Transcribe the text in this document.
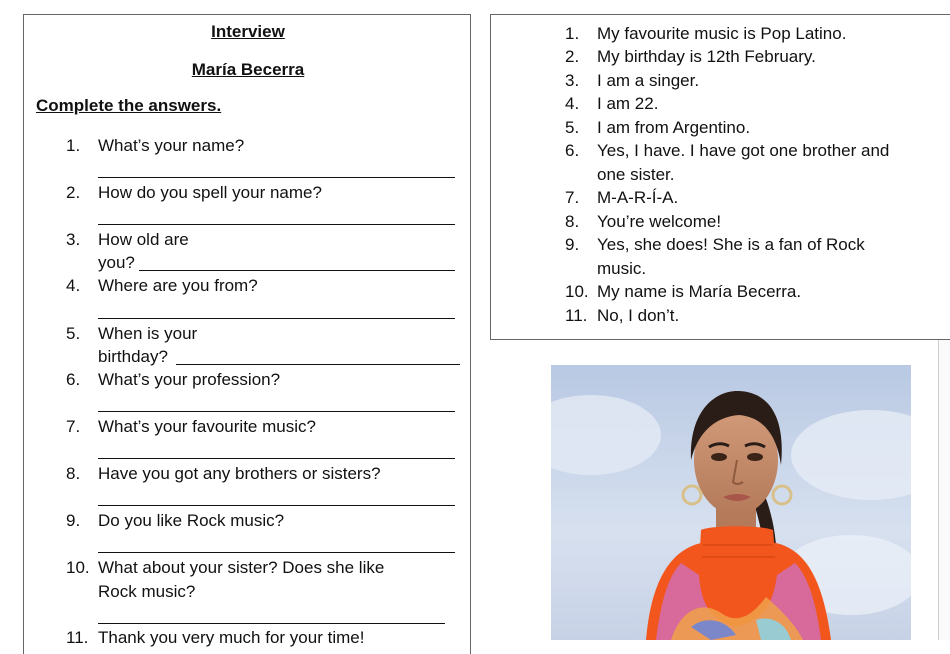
Interview
María Becerra
Complete the answers.
1.	What’s your name?
2.	How do you spell your name?
3.	How old are
you?
4.	Where are you from?
5.	When is your
birthday?
6.	What’s your profession?
7.	What’s your favourite music?
8.	Have you got any brothers or sisters?
9.	Do you like Rock music?
10. What about your sister? Does she like
Rock music?
11. Thank you very much for your time!
1.	My favourite music is Pop Latino.
2.	My birthday is 12th February.
3.	I am a singer.
4.	I am 22.
5.	I am from Argentino.
6.	Yes, I have. I have got one brother and
one sister.
7.	M-A-R-Í-A.
8.	You’re welcome!
9.	Yes, she does! She is a fan of Rock
music.
10. My name is María Becerra.
11. No, I don’t.
